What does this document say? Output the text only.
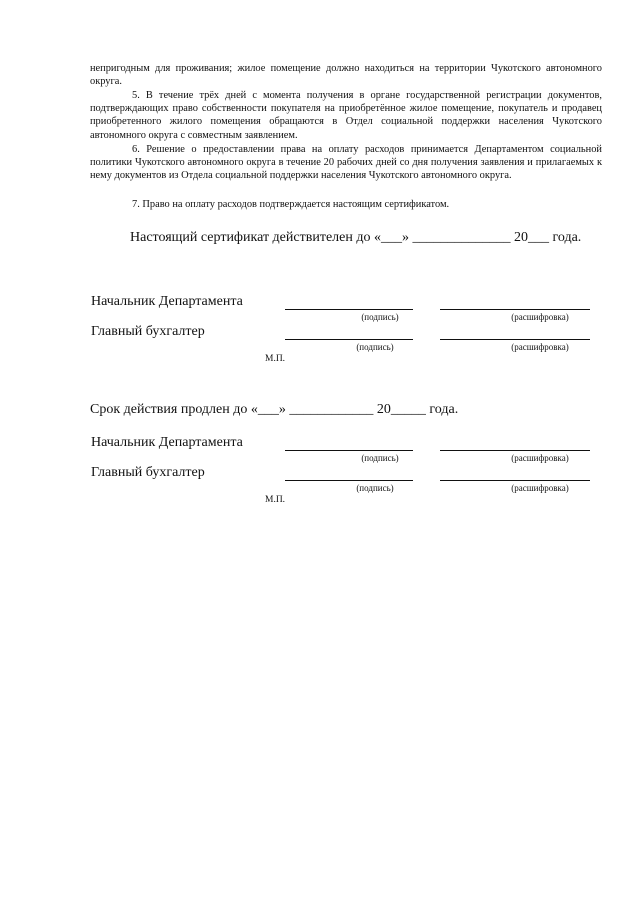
непригодным для проживания; жилое помещение должно находиться на территории Чукотского автономного округа.

5. В течение трёх дней с момента получения в органе государственной регистрации документов, подтверждающих право собственности покупателя на приобретённое жилое помещение, покупатель и продавец приобретенного жилого помещения обращаются в Отдел социальной поддержки населения Чукотского автономного округа с совместным заявлением.

6. Решение о предоставлении права на оплату расходов принимается Департаментом социальной политики Чукотского автономного округа в течение 20 рабочих дней со дня получения заявления и прилагаемых к нему документов из Отдела социальной поддержки населения Чукотского автономного округа.

7. Право на оплату расходов подтверждается настоящим сертификатом.

Настоящий сертификат действителен до «___» ______________ 20___ года.

Начальник Департамента
(подпись)	(расшифровка)
Главный бухгалтер
(подпись)	(расшифровка)
М.П.
Срок действия продлен до «___» ____________ 20_____ года.
Начальник Департамента
(подпись)	(расшифровка)
Главный бухгалтер
(подпись)	(расшифровка)
М.П.
